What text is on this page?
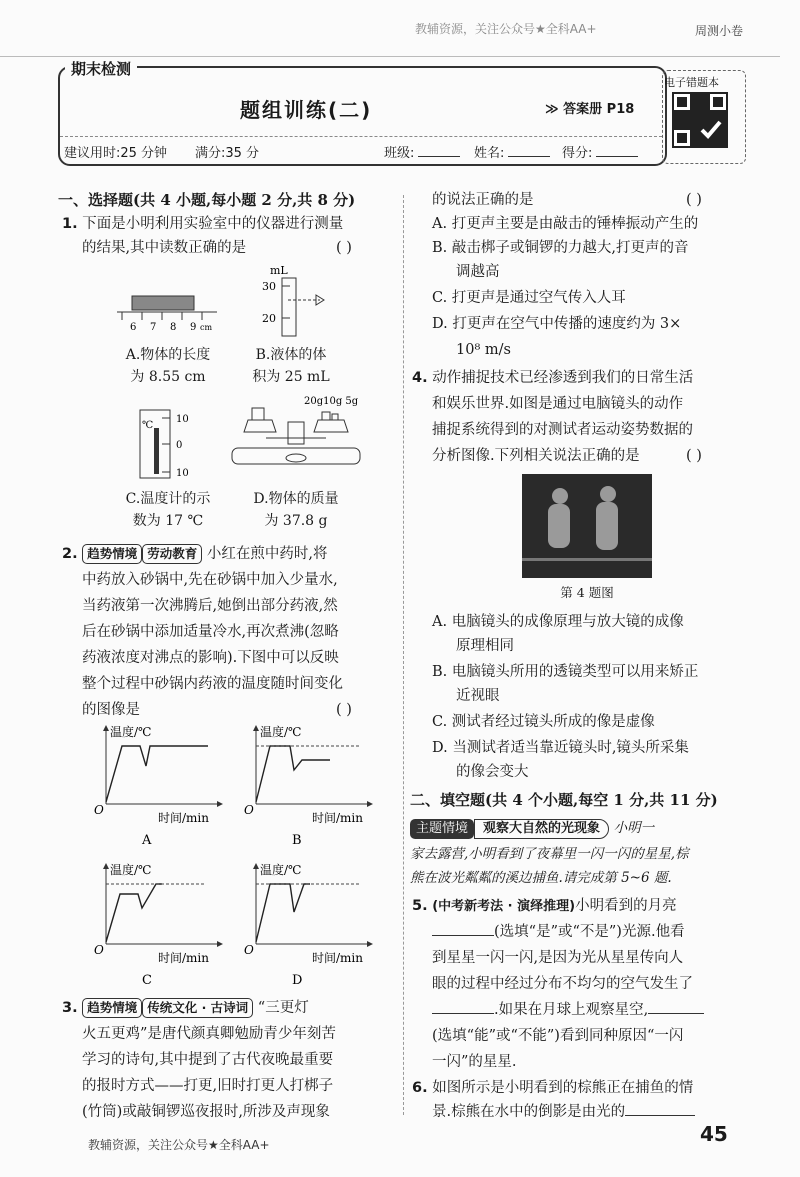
教辅资源，关注公众号★全科AA+	周测小卷
期末检测
题组训练(二)	≫ 答案册 P18
建议用时:25 分钟 满分:35 分	班级:	姓名:	得分:
电子错题本
一、选择题(共 4 小题,每小题 2 分,共 8 分)
1. 下面是小明利用实验室中的仪器进行测量
的结果,其中读数正确的是	( )
6 7 8 9 cm
mL
30
20
A.物体的长度
为 8.55 cm
B.液体的体
积为 25 mL
℃
10
0
10
20g10g 5g
C.温度计的示
数为 17 ℃
D.物体的质量
为 37.8 g
2. 趋势情境 劳动教育 小红在煎中药时,将
中药放入砂锅中,先在砂锅中加入少量水,
当药液第一次沸腾后,她倒出部分药液,然
后在砂锅中添加适量冷水,再次煮沸(忽略
药液浓度对沸点的影响).下图中可以反映
整个过程中砂锅内药液的温度随时间变化
的图像是	( )
温度/℃
时间/min
O
A
温度/℃
时间/min
O
B
温度/℃
时间/min
O
C
温度/℃
时间/min
O
D
3. 趋势情境 传统文化 · 古诗词 “三更灯
火五更鸡”是唐代颜真卿勉励青少年刻苦
学习的诗句,其中提到了古代夜晚最重要
的报时方式——打更,旧时打更人打梆子
(竹筒)或敲铜锣巡夜报时,所涉及声现象
的说法正确的是	( )
A. 打更声主要是由敲击的锤棒振动产生的
B. 敲击梆子或铜锣的力越大,打更声的音
调越高
C. 打更声是通过空气传入人耳
D. 打更声在空气中传播的速度约为 3×
10⁸ m/s
4. 动作捕捉技术已经渗透到我们的日常生活
和娱乐世界.如图是通过电脑镜头的动作
捕捉系统得到的对测试者运动姿势数据的
分析图像.下列相关说法正确的是	( )
第 4 题图
A. 电脑镜头的成像原理与放大镜的成像
原理相同
B. 电脑镜头所用的透镜类型可以用来矫正
近视眼
C. 测试者经过镜头所成的像是虚像
D. 当测试者适当靠近镜头时,镜头所采集
的像会变大
二、填空题(共 4 个小题,每空 1 分,共 11 分)
主题情境 观察大自然的光现象 小明一
家去露营,小明看到了夜幕里一闪一闪的星星,棕
熊在波光粼粼的溪边捕鱼.请完成第 5~6 题.
5. (中考新考法 · 演绎推理)小明看到的月亮
(选填“是”或“不是”)光源.他看
到星星一闪一闪,是因为光从星星传向人
眼的过程中经过分布不均匀的空气发生了
.如果在月球上观察星空,
(选填“能”或“不能”)看到同种原因“一闪
一闪”的星星.
6. 如图所示是小明看到的棕熊正在捕鱼的情
景.棕熊在水中的倒影是由光的
45
教辅资源，关注公众号★全科AA+
